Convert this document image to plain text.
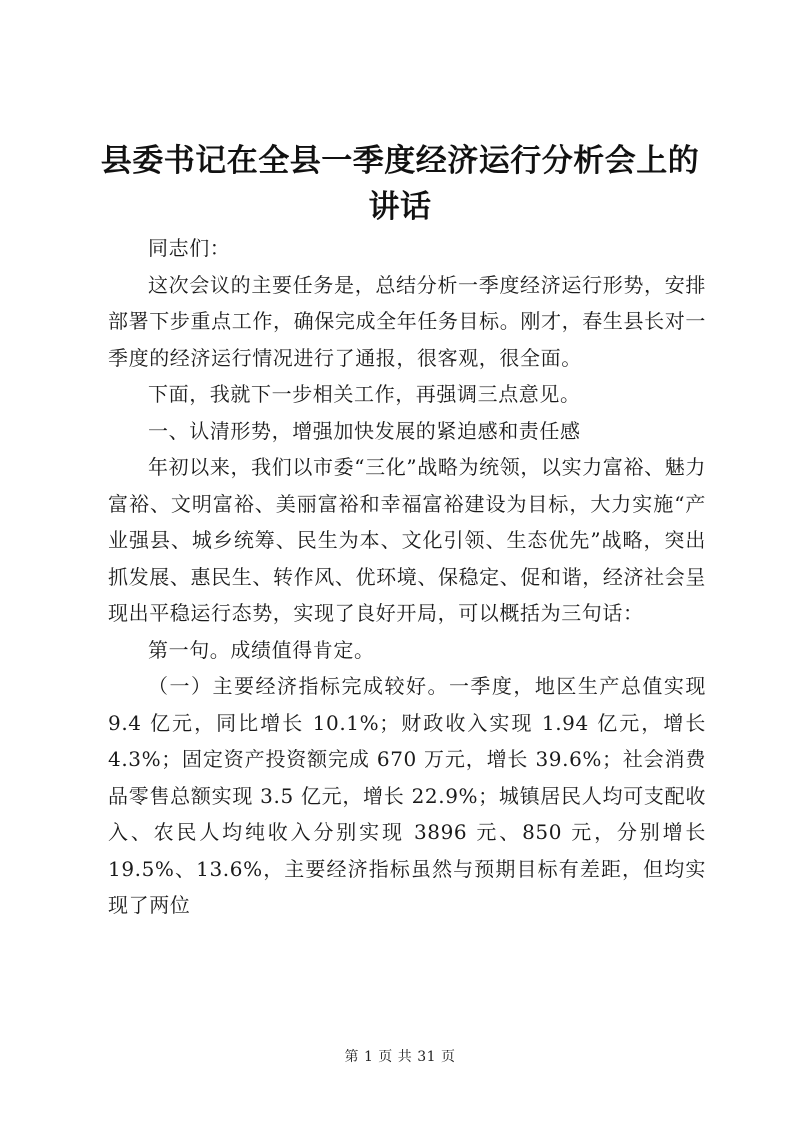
县委书记在全县一季度经济运行分析会上的讲话

同志们：

这次会议的主要任务是，总结分析一季度经济运行形势，安排部署下步重点工作，确保完成全年任务目标。刚才，春生县长对一季度的经济运行情况进行了通报，很客观，很全面。

下面，我就下一步相关工作，再强调三点意见。

一、认清形势，增强加快发展的紧迫感和责任感

年初以来，我们以市委“三化”战略为统领，以实力富裕、魅力富裕、文明富裕、美丽富裕和幸福富裕建设为目标，大力实施“产业强县、城乡统筹、民生为本、文化引领、生态优先”战略，突出抓发展、惠民生、转作风、优环境、保稳定、促和谐，经济社会呈现出平稳运行态势，实现了良好开局，可以概括为三句话：

第一句。成绩值得肯定。

（一）主要经济指标完成较好。一季度，地区生产总值实现 9.4 亿元，同比增长 10.1%；财政收入实现 1.94 亿元，增长 4.3%；固定资产投资额完成 670 万元，增长 39.6%；社会消费品零售总额实现 3.5 亿元，增长 22.9%；城镇居民人均可支配收入、农民人均纯收入分别实现 3896 元、850 元，分别增长 19.5%、13.6%，主要经济指标虽然与预期目标有差距，但均实现了两位

第 1 页 共 31 页
